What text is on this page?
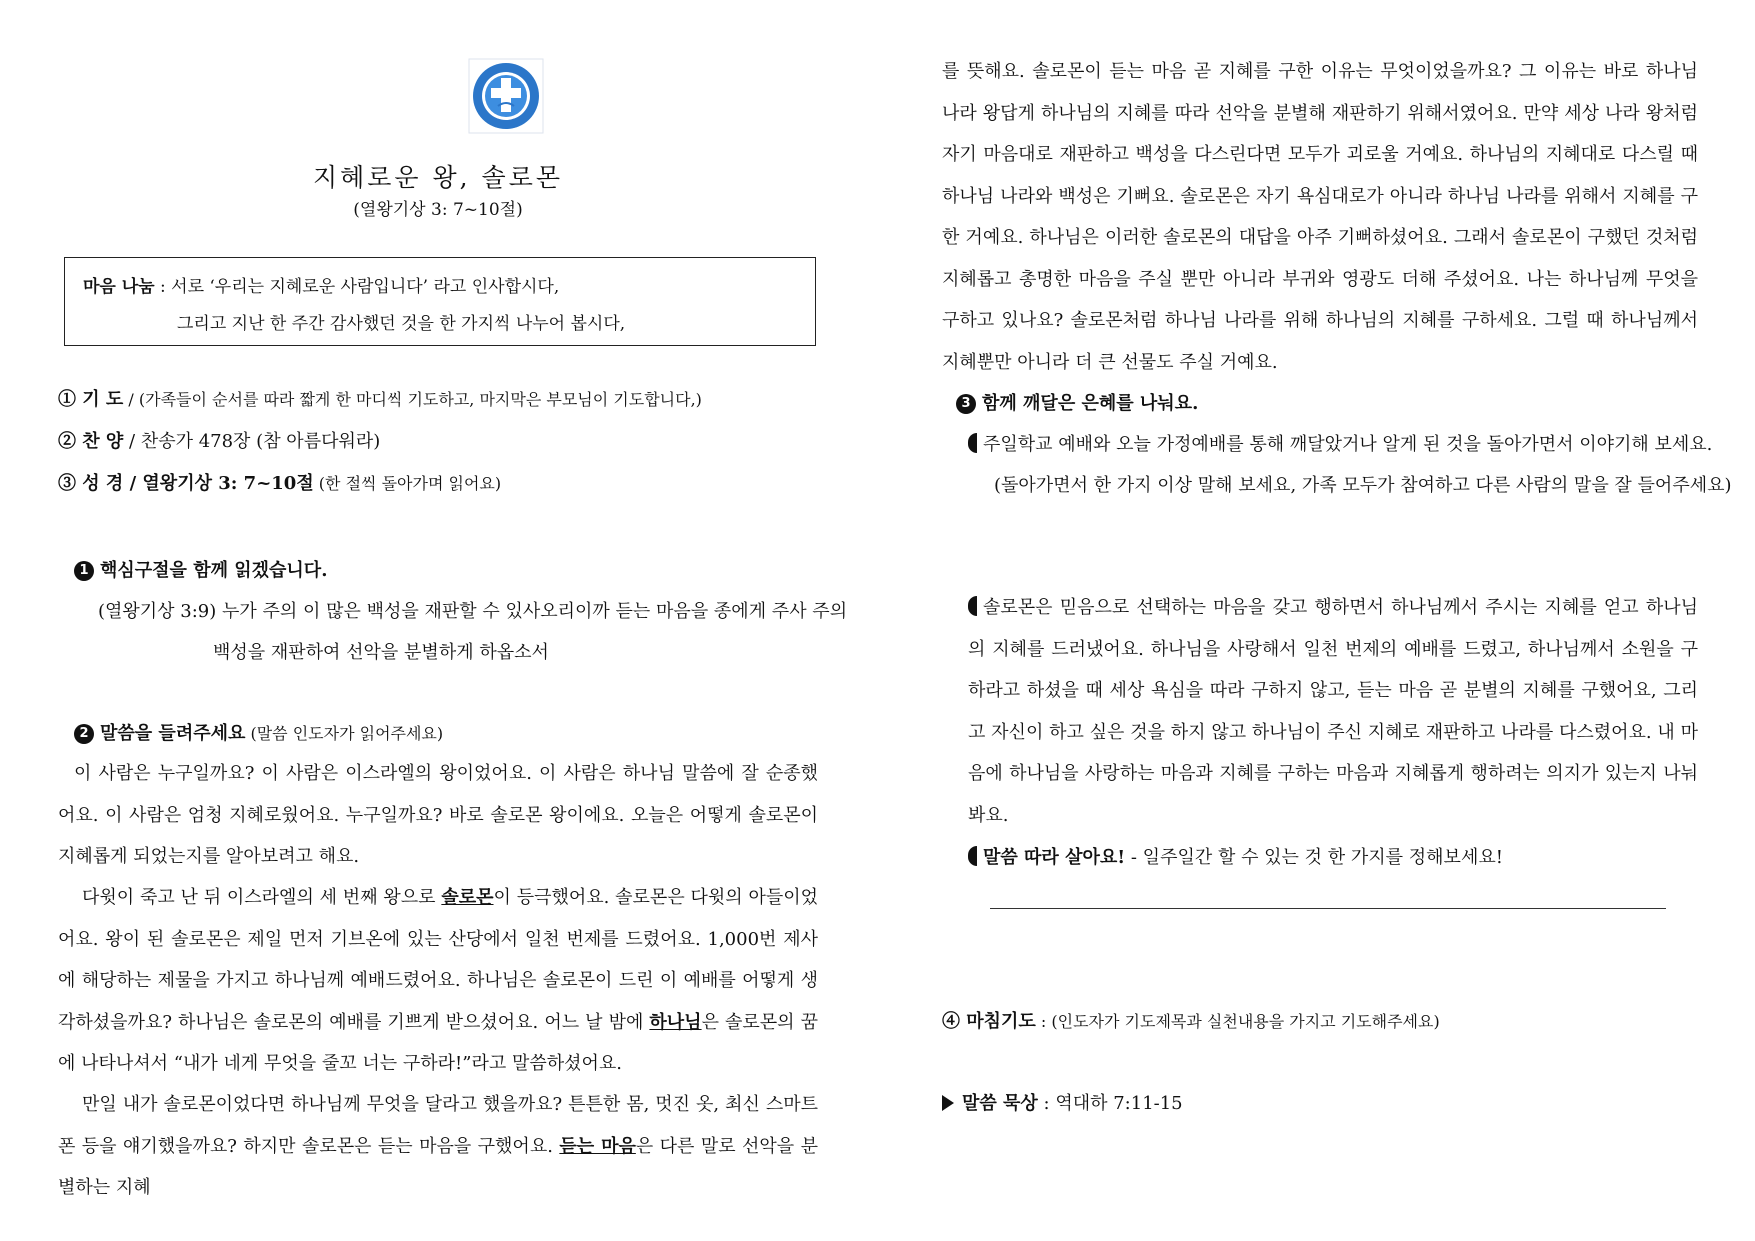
지혜로운 왕, 솔로몬
(열왕기상 3: 7~10절)
마음 나눔 : 서로 ‘우리는 지혜로운 사람입니다’ 라고 인사합시다,
그리고 지난 한 주간 감사했던 것을 한 가지씩 나누어 봅시다,
① 기 도 / (가족들이 순서를 따라 짧게 한 마디씩 기도하고, 마지막은 부모님이 기도합니다,)
② 찬 양 / 찬송가 478장 (참 아름다워라)
③ 성 경 / 열왕기상 3: 7~10절 (한 절씩 돌아가며 읽어요)
1 핵심구절을 함께 읽겠습니다.
(열왕기상 3:9) 누가 주의 이 많은 백성을 재판할 수 있사오리이까 듣는 마음을 종에게 주사 주의
백성을 재판하여 선악을 분별하게 하옵소서
2 말씀을 들려주세요 (말씀 인도자가 읽어주세요)
이 사람은 누구일까요? 이 사람은 이스라엘의 왕이었어요. 이 사람은 하나님 말씀에 잘 순종했어요. 이 사람은 엄청 지혜로웠어요. 누구일까요? 바로 솔로몬 왕이에요. 오늘은 어떻게 솔로몬이 지혜롭게 되었는지를 알아보려고 해요.
다윗이 죽고 난 뒤 이스라엘의 세 번째 왕으로 솔로몬이 등극했어요. 솔로몬은 다윗의 아들이었어요. 왕이 된 솔로몬은 제일 먼저 기브온에 있는 산당에서 일천 번제를 드렸어요. 1,000번 제사에 해당하는 제물을 가지고 하나님께 예배드렸어요. 하나님은 솔로몬이 드린 이 예배를 어떻게 생각하셨을까요? 하나님은 솔로몬의 예배를 기쁘게 받으셨어요. 어느 날 밤에 하나님은 솔로몬의 꿈에 나타나셔서 “내가 네게 무엇을 줄꼬 너는 구하라!”라고 말씀하셨어요.
만일 내가 솔로몬이었다면 하나님께 무엇을 달라고 했을까요? 튼튼한 몸, 멋진 옷, 최신 스마트폰 등을 얘기했을까요? 하지만 솔로몬은 듣는 마음을 구했어요. 듣는 마음은 다른 말로 선악을 분별하는 지혜
를 뜻해요. 솔로몬이 듣는 마음 곧 지혜를 구한 이유는 무엇이었을까요? 그 이유는 바로 하나님 나라 왕답게 하나님의 지혜를 따라 선악을 분별해 재판하기 위해서였어요. 만약 세상 나라 왕처럼 자기 마음대로 재판하고 백성을 다스린다면 모두가 괴로울 거예요. 하나님의 지혜대로 다스릴 때 하나님 나라와 백성은 기뻐요. 솔로몬은 자기 욕심대로가 아니라 하나님 나라를 위해서 지혜를 구한 거예요. 하나님은 이러한 솔로몬의 대답을 아주 기뻐하셨어요. 그래서 솔로몬이 구했던 것처럼 지혜롭고 총명한 마음을 주실 뿐만 아니라 부귀와 영광도 더해 주셨어요. 나는 하나님께 무엇을 구하고 있나요? 솔로몬처럼 하나님 나라를 위해 하나님의 지혜를 구하세요. 그럴 때 하나님께서 지혜뿐만 아니라 더 큰 선물도 주실 거예요.
3 함께 깨달은 은혜를 나눠요.
주일학교 예배와 오늘 가정예배를 통해 깨달았거나 알게 된 것을 돌아가면서 이야기해 보세요.
(돌아가면서 한 가지 이상 말해 보세요, 가족 모두가 참여하고 다른 사람의 말을 잘 들어주세요)
솔로몬은 믿음으로 선택하는 마음을 갖고 행하면서 하나님께서 주시는 지혜를 얻고 하나님의 지혜를 드러냈어요. 하나님을 사랑해서 일천 번제의 예배를 드렸고, 하나님께서 소원을 구하라고 하셨을 때 세상 욕심을 따라 구하지 않고, 듣는 마음 곧 분별의 지혜를 구했어요, 그리고 자신이 하고 싶은 것을 하지 않고 하나님이 주신 지혜로 재판하고 나라를 다스렸어요. 내 마음에 하나님을 사랑하는 마음과 지혜를 구하는 마음과 지혜롭게 행하려는 의지가 있는지 나눠봐요.
말씀 따라 살아요! - 일주일간 할 수 있는 것 한 가지를 정해보세요!
④ 마침기도 : (인도자가 기도제목과 실천내용을 가지고 기도해주세요)
말씀 묵상 : 역대하 7:11-15
